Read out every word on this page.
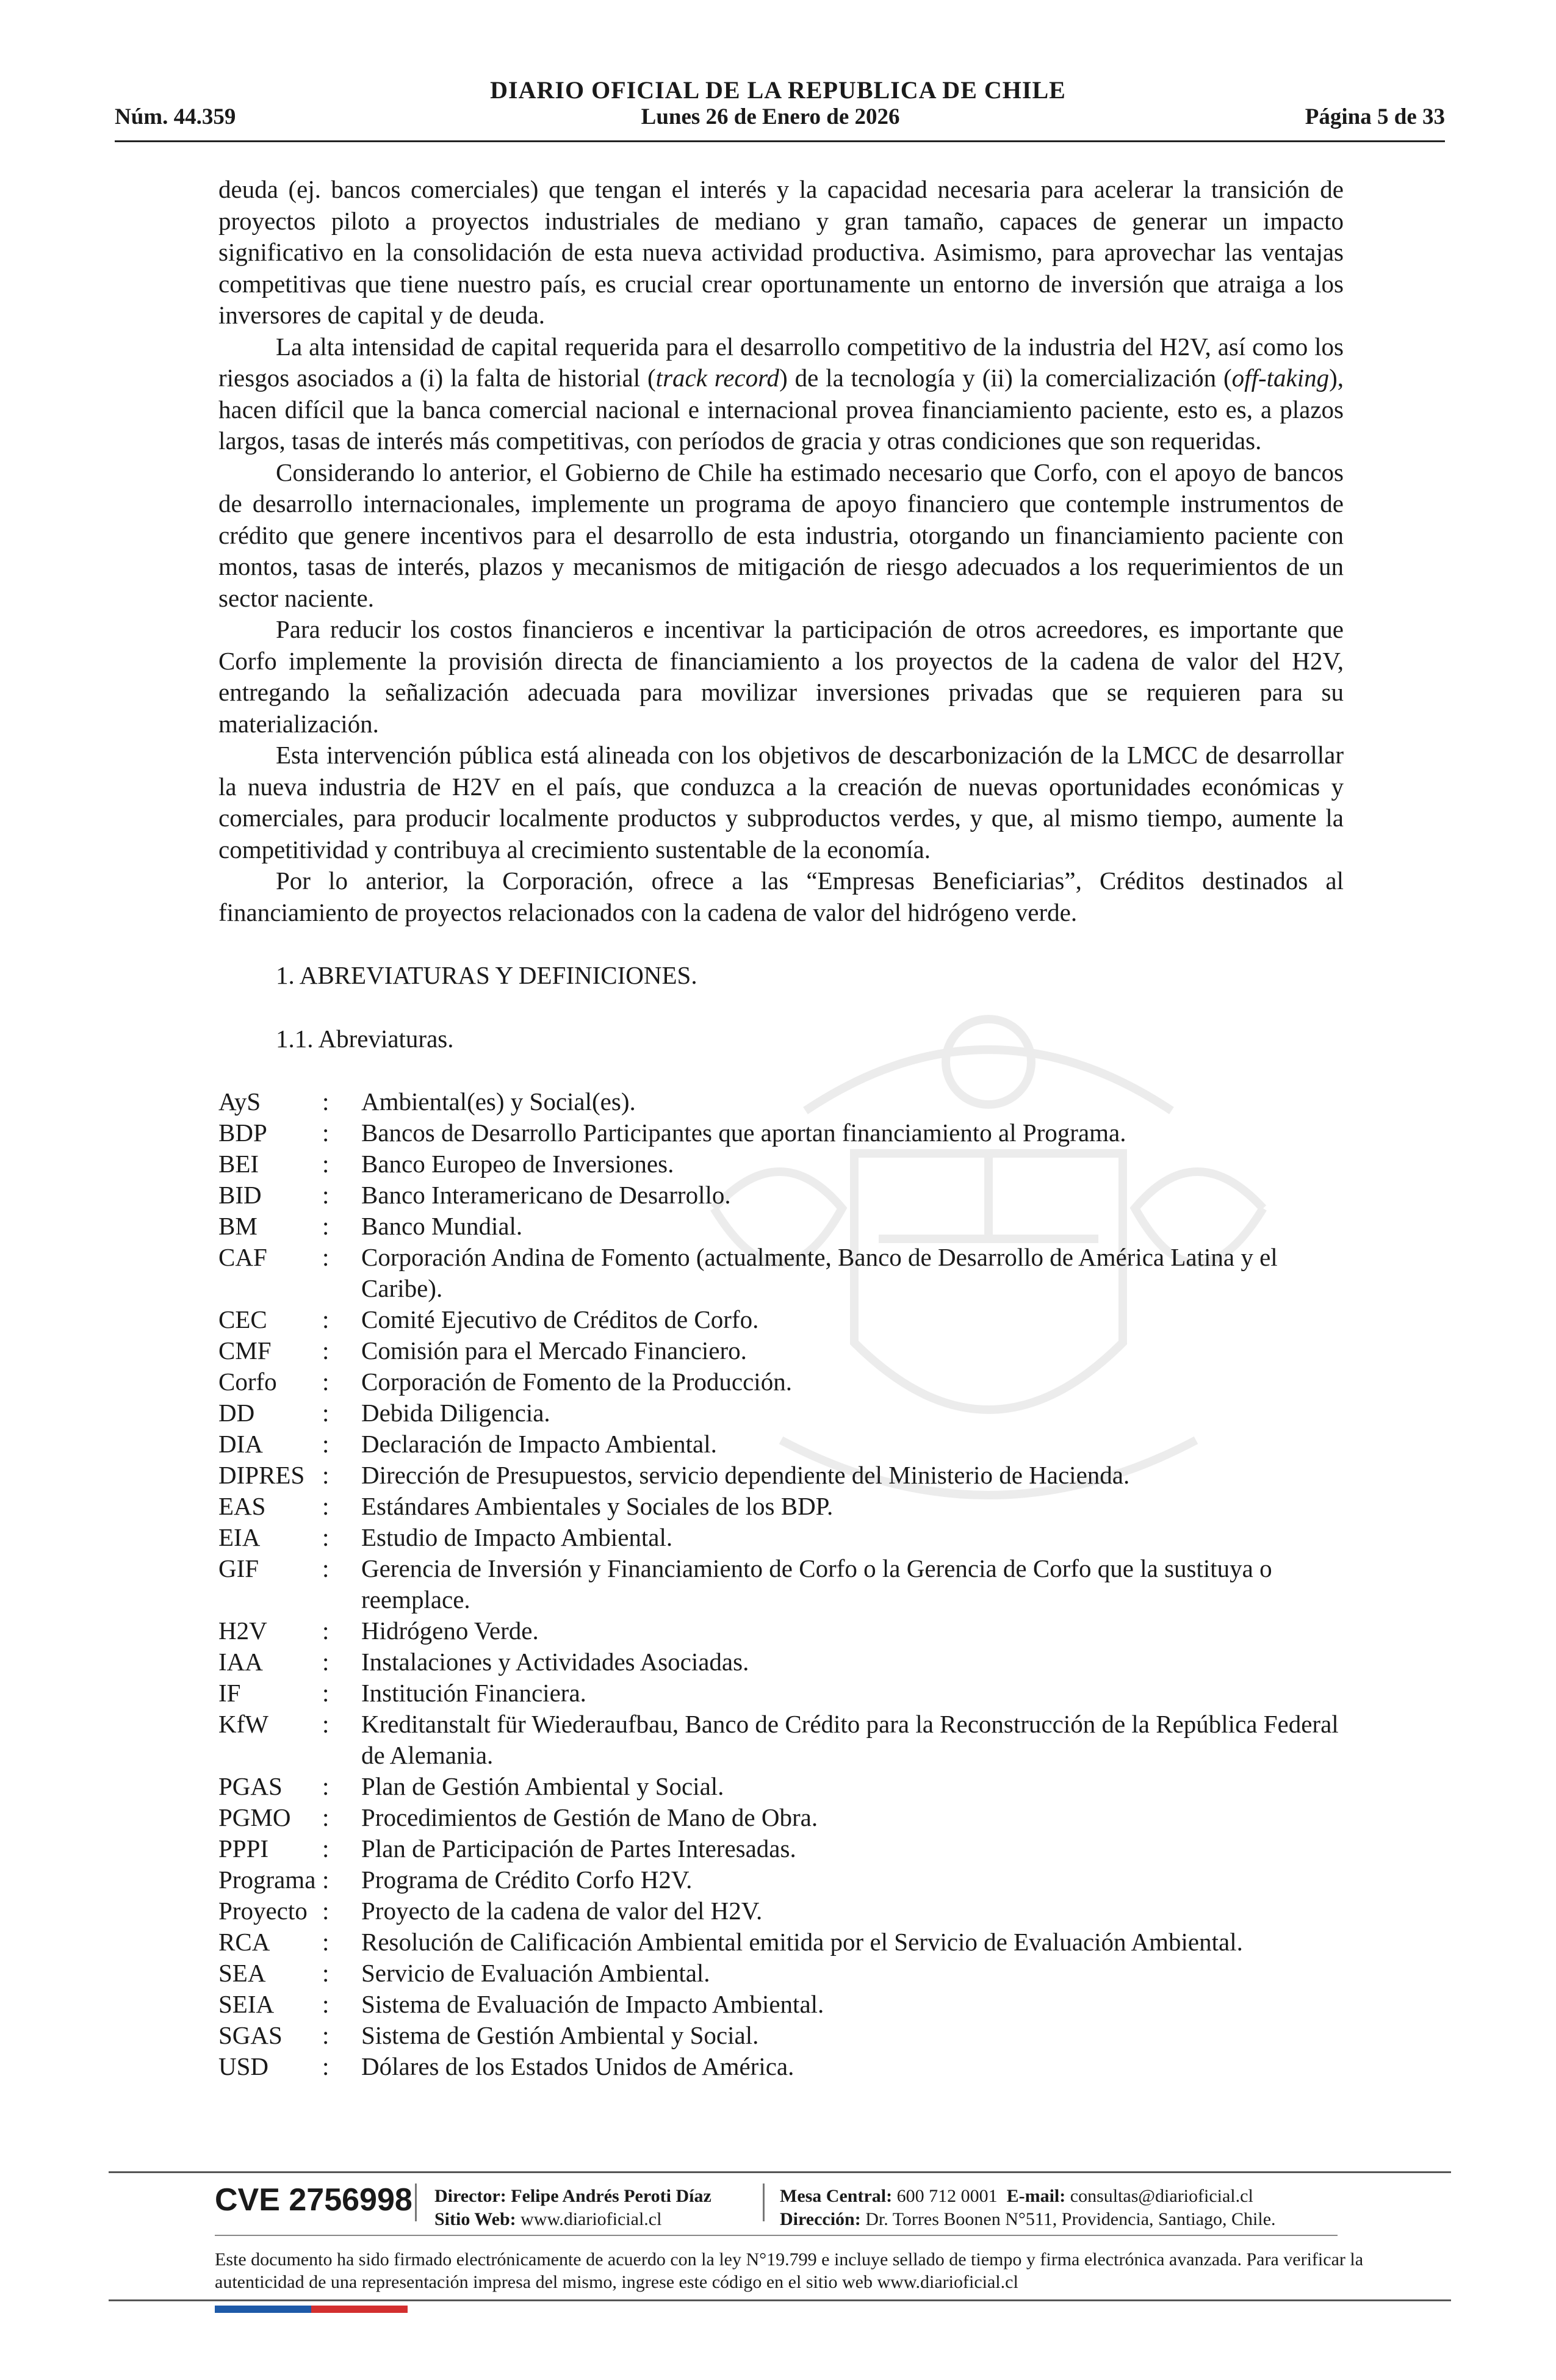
DIARIO OFICIAL DE LA REPUBLICA DE CHILE
Núm. 44.359	Lunes 26 de Enero de 2026	Página 5 de 33

deuda (ej. bancos comerciales) que tengan el interés y la capacidad necesaria para acelerar la transición de proyectos piloto a proyectos industriales de mediano y gran tamaño, capaces de generar un impacto significativo en la consolidación de esta nueva actividad productiva. Asimismo, para aprovechar las ventajas competitivas que tiene nuestro país, es crucial crear oportunamente un entorno de inversión que atraiga a los inversores de capital y de deuda.

La alta intensidad de capital requerida para el desarrollo competitivo de la industria del H2V, así como los riesgos asociados a (i) la falta de historial (track record) de la tecnología y (ii) la comercialización (off-taking), hacen difícil que la banca comercial nacional e internacional provea financiamiento paciente, esto es, a plazos largos, tasas de interés más competitivas, con períodos de gracia y otras condiciones que son requeridas.

Considerando lo anterior, el Gobierno de Chile ha estimado necesario que Corfo, con el apoyo de bancos de desarrollo internacionales, implemente un programa de apoyo financiero que contemple instrumentos de crédito que genere incentivos para el desarrollo de esta industria, otorgando un financiamiento paciente con montos, tasas de interés, plazos y mecanismos de mitigación de riesgo adecuados a los requerimientos de un sector naciente.

Para reducir los costos financieros e incentivar la participación de otros acreedores, es importante que Corfo implemente la provisión directa de financiamiento a los proyectos de la cadena de valor del H2V, entregando la señalización adecuada para movilizar inversiones privadas que se requieren para su materialización.

Esta intervención pública está alineada con los objetivos de descarbonización de la LMCC de desarrollar la nueva industria de H2V en el país, que conduzca a la creación de nuevas oportunidades económicas y comerciales, para producir localmente productos y subproductos verdes, y que, al mismo tiempo, aumente la competitividad y contribuya al crecimiento sustentable de la economía.

Por lo anterior, la Corporación, ofrece a las “Empresas Beneficiarias”, Créditos destinados al financiamiento de proyectos relacionados con la cadena de valor del hidrógeno verde.

1. ABREVIATURAS Y DEFINICIONES.
1.1. Abreviaturas.
AyS	:	Ambiental(es) y Social(es).
BDP	:	Bancos de Desarrollo Participantes que aportan financiamiento al Programa.
BEI	:	Banco Europeo de Inversiones.
BID	:	Banco Interamericano de Desarrollo.
BM	:	Banco Mundial.
CAF	:	Corporación Andina de Fomento (actualmente, Banco de Desarrollo de América Latina y el Caribe).
CEC	:	Comité Ejecutivo de Créditos de Corfo.
CMF	:	Comisión para el Mercado Financiero.
Corfo	:	Corporación de Fomento de la Producción.
DD	:	Debida Diligencia.
DIA	:	Declaración de Impacto Ambiental.
DIPRES	:	Dirección de Presupuestos, servicio dependiente del Ministerio de Hacienda.
EAS	:	Estándares Ambientales y Sociales de los BDP.
EIA	:	Estudio de Impacto Ambiental.
GIF	:	Gerencia de Inversión y Financiamiento de Corfo o la Gerencia de Corfo que la sustituya o reemplace.
H2V	:	Hidrógeno Verde.
IAA	:	Instalaciones y Actividades Asociadas.
IF	:	Institución Financiera.
KfW	:	Kreditanstalt für Wiederaufbau, Banco de Crédito para la Reconstrucción de la República Federal de Alemania.
PGAS	:	Plan de Gestión Ambiental y Social.
PGMO	:	Procedimientos de Gestión de Mano de Obra.
PPPI	:	Plan de Participación de Partes Interesadas.
Programa	:	Programa de Crédito Corfo H2V.
Proyecto	:	Proyecto de la cadena de valor del H2V.
RCA	:	Resolución de Calificación Ambiental emitida por el Servicio de Evaluación Ambiental.
SEA	:	Servicio de Evaluación Ambiental.
SEIA	:	Sistema de Evaluación de Impacto Ambiental.
SGAS	:	Sistema de Gestión Ambiental y Social.
USD	:	Dólares de los Estados Unidos de América.
CVE 2756998 Director: Felipe Andrés Peroti Díaz
Sitio Web: www.diarioficial.cl
Mesa Central: 600 712 0001 E-mail: consultas@diarioficial.cl
Dirección: Dr. Torres Boonen N°511, Providencia, Santiago, Chile.
Este documento ha sido firmado electrónicamente de acuerdo con la ley N°19.799 e incluye sellado de tiempo y firma electrónica avanzada. Para verificar la autenticidad de una representación impresa del mismo, ingrese este código en el sitio web www.diarioficial.cl
